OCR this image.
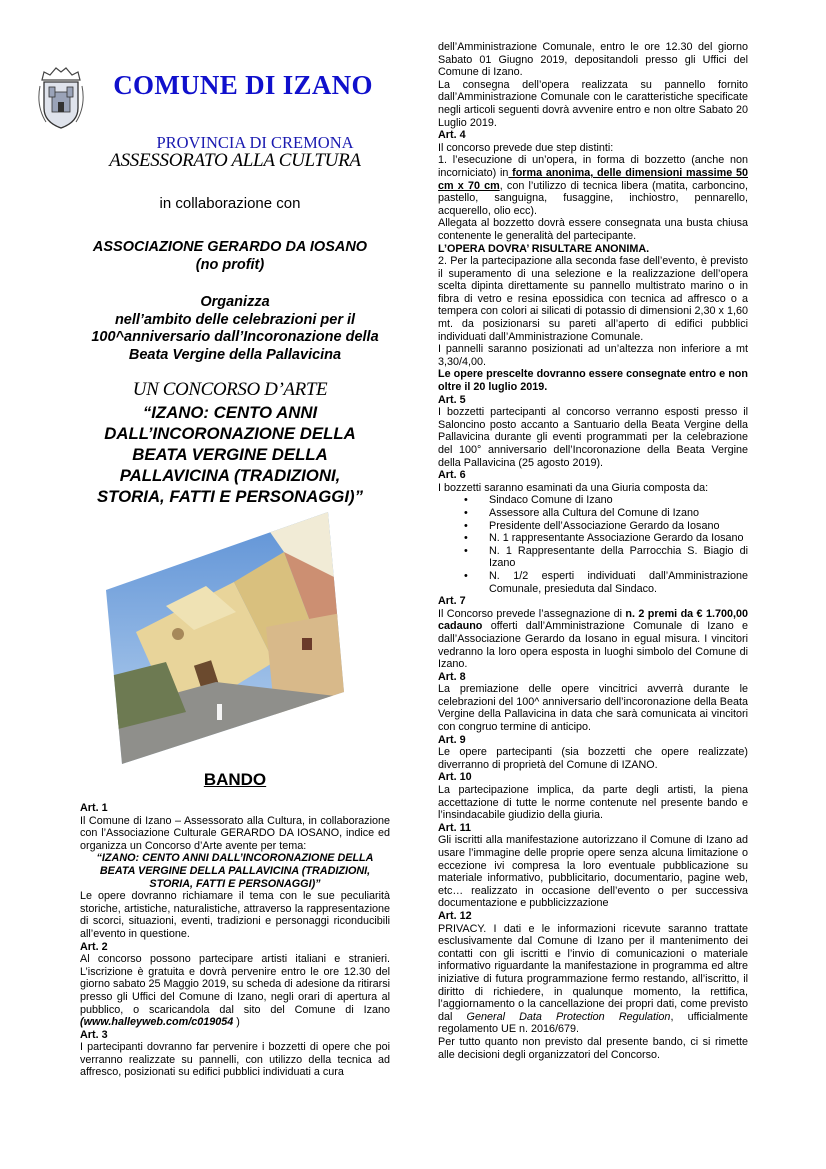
COMUNE DI IZANO
PROVINCIA DI CREMONA
ASSESSORATO ALLA CULTURA
in collaborazione con
ASSOCIAZIONE GERARDO DA IOSANO
(no profit)
Organizza
nell’ambito delle celebrazioni per il
100^anniversario dall’Incoronazione della
Beata Vergine della Pallavicina
UN CONCORSO D’ARTE
“IZANO: CENTO ANNI
DALL’INCORONAZIONE DELLA
BEATA VERGINE DELLA
PALLAVICINA (TRADIZIONI,
STORIA, FATTI E PERSONAGGI)”
BANDO

Art. 1

Il Comune di Izano – Assessorato alla Cultura, in collaborazione con l’Associazione Culturale GERARDO DA IOSANO, indice ed organizza un Concorso d’Arte avente per tema:

“IZANO: CENTO ANNI DALL’INCORONAZIONE DELLA BEATA VERGINE DELLA PALLAVICINA (TRADIZIONI, STORIA, FATTI E PERSONAGGI)”

Le opere dovranno richiamare il tema con le sue peculiarità storiche, artistiche, naturalistiche, attraverso la rappresentazione di scorci, situazioni, eventi, tradizioni e personaggi riconducibili all’evento in questione.

Art. 2

Al concorso possono partecipare artisti italiani e stranieri. L’iscrizione è gratuita e dovrà pervenire entro le ore 12.30 del giorno sabato 25 Maggio 2019, su scheda di adesione da ritirarsi presso gli Uffici del Comune di Izano, negli orari di apertura al pubblico, o scaricandola dal sito del Comune di Izano (www.halleyweb.com/c019054 )

Art. 3

I partecipanti dovranno far pervenire i bozzetti di opere che poi verranno realizzate su pannelli, con utilizzo della tecnica ad affresco, posizionati su edifici pubblici individuati a cura

dell’Amministrazione Comunale, entro le ore 12.30 del giorno Sabato 01 Giugno 2019, depositandoli presso gli Uffici del Comune di Izano.

La consegna dell’opera realizzata su pannello fornito dall’Amministrazione Comunale con le caratteristiche specificate negli articoli seguenti dovrà avvenire entro e non oltre Sabato 20 Luglio 2019.

Art. 4

Il concorso prevede due step distinti:

1. l’esecuzione di un’opera, in forma di bozzetto (anche non incorniciato) in forma anonima, delle dimensioni massime 50 cm x 70 cm, con l’utilizzo di tecnica libera (matita, carboncino, pastello, sanguigna, fusaggine, inchiostro, pennarello, acquerello, olio ecc).

Allegata al bozzetto dovrà essere consegnata una busta chiusa contenente le generalità del partecipante.

L’OPERA DOVRA’ RISULTARE ANONIMA.

2. Per la partecipazione alla seconda fase dell’evento, è previsto il superamento di una selezione e la realizzazione dell’opera scelta dipinta direttamente su pannello multistrato marino o in fibra di vetro e resina epossidica con tecnica ad affresco o a tempera con colori ai silicati di potassio di dimensioni 2,30 x 1,60 mt. da posizionarsi su pareti all’aperto di edifici pubblici individuati dall’Amministrazione Comunale.

I pannelli saranno posizionati ad un’altezza non inferiore a mt 3,30/4,00.

Le opere prescelte dovranno essere consegnate entro e non oltre il 20 luglio 2019.

Art. 5

I bozzetti partecipanti al concorso verranno esposti presso il Saloncino posto accanto a Santuario della Beata Vergine della Pallavicina durante gli eventi programmati per la celebrazione del 100° anniversario dell’Incoronazione della Beata Vergine della Pallavicina (25 agosto 2019).

Art. 6

I bozzetti saranno esaminati da una Giuria composta da:

• Sindaco Comune di Izano
• Assessore alla Cultura del Comune di Izano
• Presidente dell’Associazione Gerardo da Iosano
• N. 1 rappresentante Associazione Gerardo da Iosano
• N. 1 Rappresentante della Parrocchia S. Biagio di Izano
• N. 1/2 esperti individuati dall’Amministrazione Comunale, presieduta dal Sindaco.

Art. 7

Il Concorso prevede l’assegnazione di n. 2 premi da € 1.700,00 cadauno offerti dall’Amministrazione Comunale di Izano e dall’Associazione Gerardo da Iosano in egual misura. I vincitori vedranno la loro opera esposta in luoghi simbolo del Comune di Izano.

Art. 8

La premiazione delle opere vincitrici avverrà durante le celebrazioni del 100^ anniversario dell’incoronazione della Beata Vergine della Pallavicina in data che sarà comunicata ai vincitori con congruo termine di anticipo.

Art. 9

Le opere partecipanti (sia bozzetti che opere realizzate) diverranno di proprietà del Comune di IZANO.

Art. 10

La partecipazione implica, da parte degli artisti, la piena accettazione di tutte le norme contenute nel presente bando e l’insindacabile giudizio della giuria.

Art. 11

Gli iscritti alla manifestazione autorizzano il Comune di Izano ad usare l’immagine delle proprie opere senza alcuna limitazione o eccezione ivi compresa la loro eventuale pubblicazione su materiale informativo, pubblicitario, documentario, pagine web, etc… realizzato in occasione dell’evento o per successiva documentazione e pubblicizzazione

Art. 12

PRIVACY. I dati e le informazioni ricevute saranno trattate esclusivamente dal Comune di Izano per il mantenimento dei contatti con gli iscritti e l’invio di comunicazioni o materiale informativo riguardante la manifestazione in programma ed altre iniziative di futura programmazione fermo restando, all’iscritto, il diritto di richiedere, in qualunque momento, la rettifica, l’aggiornamento o la cancellazione dei propri dati, come previsto dal General Data Protection Regulation, ufficialmente regolamento UE n. 2016/679.

Per tutto quanto non previsto dal presente bando, ci si rimette alle decisioni degli organizzatori del Concorso.
